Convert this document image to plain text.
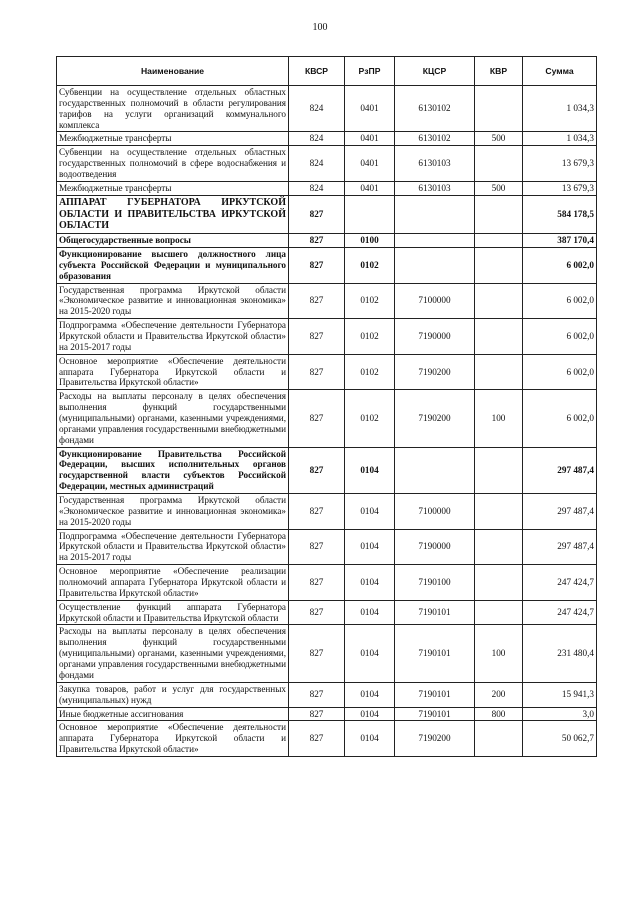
100
Наименование	КВСР	РзПР	КЦСР	КВР	Сумма
Субвенции на осуществление отдельных областных государственных полномочий в области регулирования тарифов на услуги организаций коммунального комплекса	824	0401	6130102		1 034,3
Межбюджетные трансферты	824	0401	6130102	500	1 034,3
Субвенции на осуществление отдельных областных государственных полномочий в сфере водоснабжения и водоотведения	824	0401	6130103		13 679,3
Межбюджетные трансферты	824	0401	6130103	500	13 679,3
АППАРАТ ГУБЕРНАТОРА ИРКУТСКОЙ ОБЛАСТИ И ПРАВИТЕЛЬСТВА ИРКУТСКОЙ ОБЛАСТИ	827				584 178,5
Общегосударственные вопросы	827	0100			387 170,4
Функционирование высшего должностного лица субъекта Российской Федерации и муниципального образования	827	0102			6 002,0
Государственная программа Иркутской области «Экономическое развитие и инновационная экономика» на 2015-2020 годы	827	0102	7100000		6 002,0
Подпрограмма «Обеспечение деятельности Губернатора Иркутской области и Правительства Иркутской области» на 2015-2017 годы	827	0102	7190000		6 002,0
Основное мероприятие «Обеспечение деятельности аппарата Губернатора Иркутской области и Правительства Иркутской области»	827	0102	7190200		6 002,0
Расходы на выплаты персоналу в целях обеспечения выполнения функций государственными (муниципальными) органами, казенными учреждениями, органами управления государственными внебюджетными фондами	827	0102	7190200	100	6 002,0
Функционирование Правительства Российской Федерации, высших исполнительных органов государственной власти субъектов Российской Федерации, местных администраций	827	0104			297 487,4
Государственная программа Иркутской области «Экономическое развитие и инновационная экономика» на 2015-2020 годы	827	0104	7100000		297 487,4
Подпрограмма «Обеспечение деятельности Губернатора Иркутской области и Правительства Иркутской области» на 2015-2017 годы	827	0104	7190000		297 487,4
Основное мероприятие «Обеспечение реализации полномочий аппарата Губернатора Иркутской области и Правительства Иркутской области»	827	0104	7190100		247 424,7
Осуществление функций аппарата Губернатора Иркутской области и Правительства Иркутской области	827	0104	7190101		247 424,7
Расходы на выплаты персоналу в целях обеспечения выполнения функций государственными (муниципальными) органами, казенными учреждениями, органами управления государственными внебюджетными фондами	827	0104	7190101	100	231 480,4
Закупка товаров, работ и услуг для государственных (муниципальных) нужд	827	0104	7190101	200	15 941,3
Иные бюджетные ассигнования	827	0104	7190101	800	3,0
Основное мероприятие «Обеспечение деятельности аппарата Губернатора Иркутской области и Правительства Иркутской области»	827	0104	7190200		50 062,7
